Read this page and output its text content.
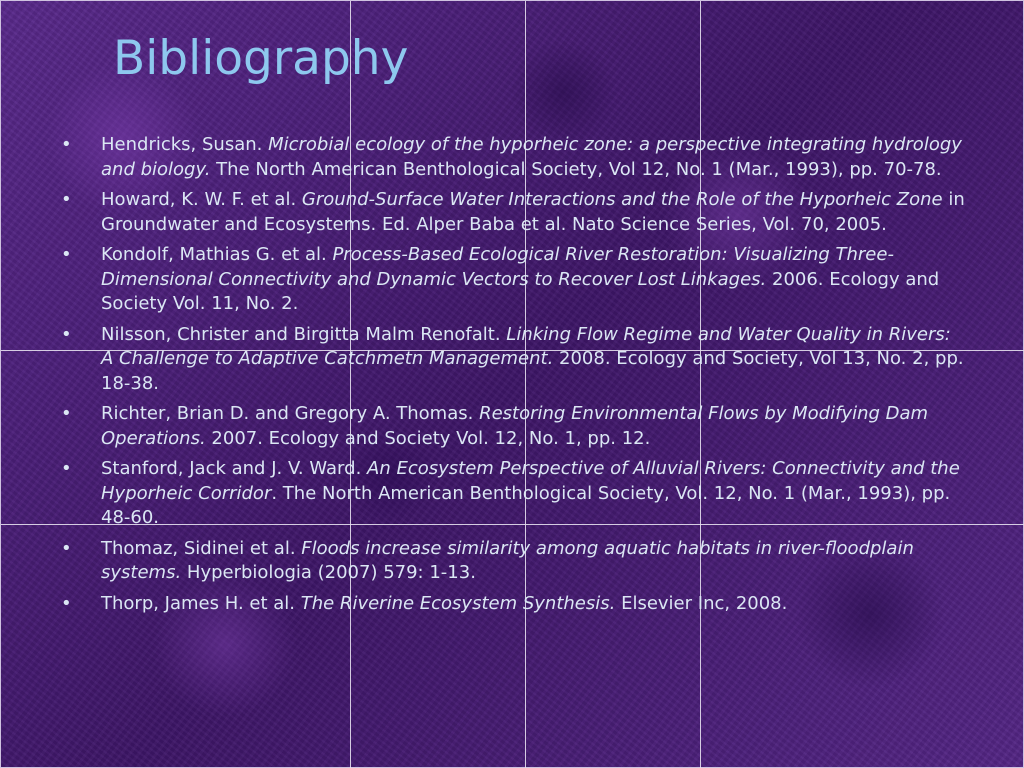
Bibliography
• Hendricks, Susan. Microbial ecology of the hyporheic zone: a perspective integrating hydrology and biology. The North American Benthological Society, Vol 12, No. 1 (Mar., 1993), pp. 70-78.
• Howard, K. W. F. et al. Ground-Surface Water Interactions and the Role of the Hyporheic Zone in Groundwater and Ecosystems. Ed. Alper Baba et al. Nato Science Series, Vol. 70, 2005.
• Kondolf, Mathias G. et al. Process-Based Ecological River Restoration: Visualizing Three-Dimensional Connectivity and Dynamic Vectors to Recover Lost Linkages. 2006. Ecology and Society Vol. 11, No. 2.
• Nilsson, Christer and Birgitta Malm Renofalt. Linking Flow Regime and Water Quality in Rivers: A Challenge to Adaptive Catchmetn Management. 2008. Ecology and Society, Vol 13, No. 2, pp. 18-38.
• Richter, Brian D. and Gregory A. Thomas. Restoring Environmental Flows by Modifying Dam Operations. 2007. Ecology and Society Vol. 12, No. 1, pp. 12.
• Stanford, Jack and J. V. Ward. An Ecosystem Perspective of Alluvial Rivers: Connectivity and the Hyporheic Corridor. The North American Benthological Society, Vol. 12, No. 1 (Mar., 1993), pp. 48-60.
• Thomaz, Sidinei et al. Floods increase similarity among aquatic habitats in river-floodplain systems. Hyperbiologia (2007) 579: 1-13.
• Thorp, James H. et al. The Riverine Ecosystem Synthesis. Elsevier Inc, 2008.
